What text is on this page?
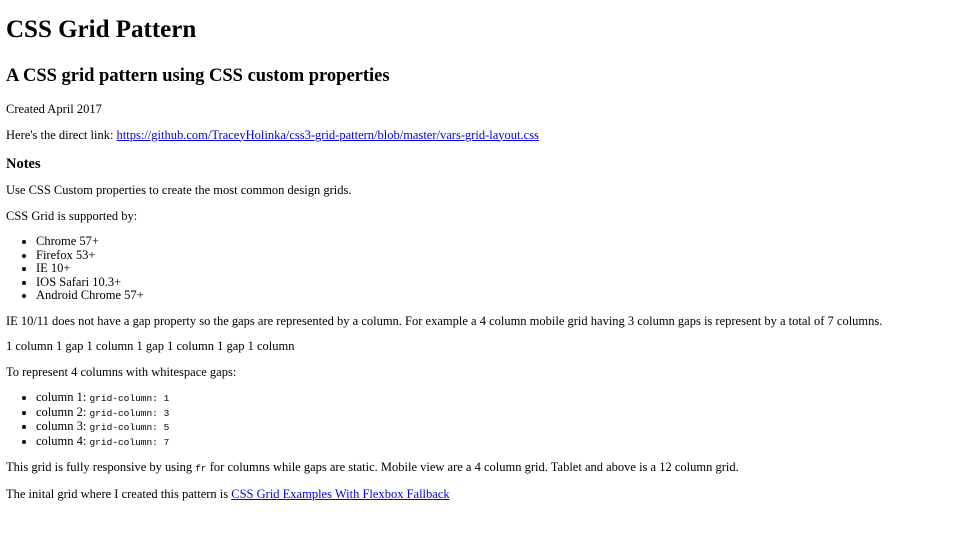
CSS Grid Pattern
A CSS grid pattern using CSS custom properties

Created April 2017

Here's the direct link: https://github.com/TraceyHolinka/css3-grid-pattern/blob/master/vars-grid-layout.css

Notes

Use CSS Custom properties to create the most common design grids.

CSS Grid is supported by:

• Chrome 57+
• Firefox 53+
• IE 10+
• IOS Safari 10.3+
• Android Chrome 57+

IE 10/11 does not have a gap property so the gaps are represented by a column. For example a 4 column mobile grid having 3 column gaps is represent by a total of 7 columns.

1 column 1 gap 1 column 1 gap 1 column 1 gap 1 column

To represent 4 columns with whitespace gaps:

• column 1: grid-column: 1
• column 2: grid-column: 3
• column 3: grid-column: 5
• column 4: grid-column: 7

This grid is fully responsive by using fr for columns while gaps are static. Mobile view are a 4 column grid. Tablet and above is a 12 column grid.

The inital grid where I created this pattern is CSS Grid Examples With Flexbox Fallback
